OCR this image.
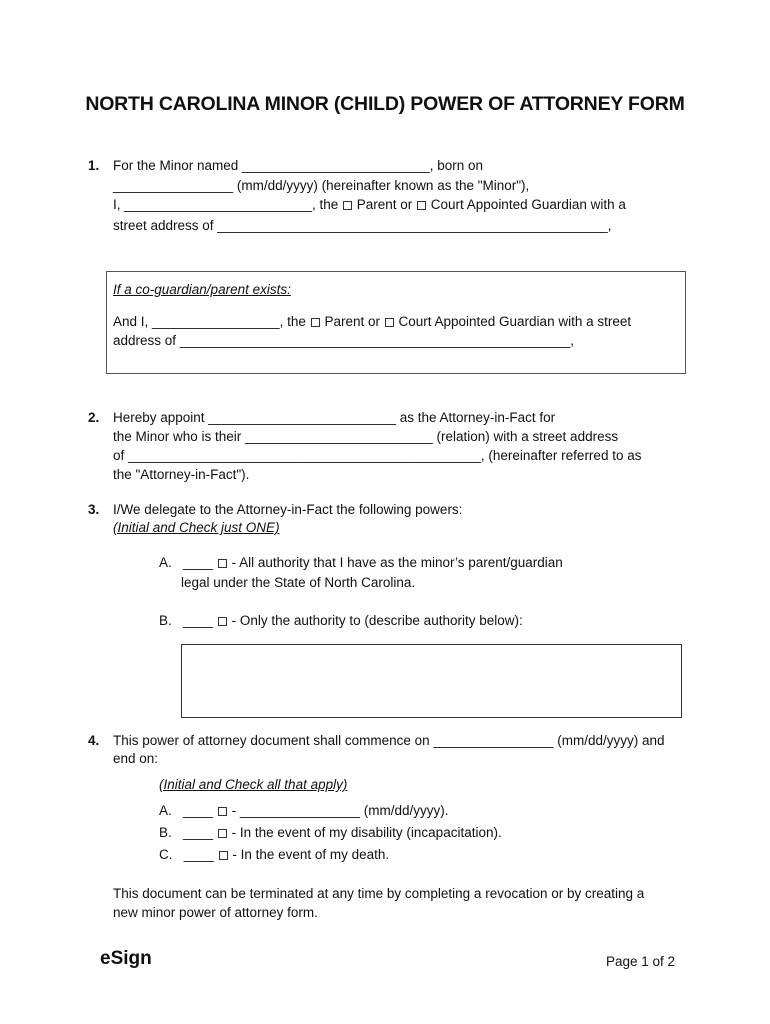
NORTH CAROLINA MINOR (CHILD) POWER OF ATTORNEY FORM
1. For the Minor named _________________________, born on
________________ (mm/dd/yyyy) (hereinafter known as the "Minor"),
I, _________________________, the  Parent or  Court Appointed Guardian with a
street address of ____________________________________________________,
If a co-guardian/parent exists:
And I, _________________, the  Parent or  Court Appointed Guardian with a street
address of ____________________________________________________,
2. Hereby appoint _________________________ as the Attorney-in-Fact for
the Minor who is their _________________________ (relation) with a street address
of _______________________________________________, (hereinafter referred to as
the "Attorney-in-Fact").
3. I/We delegate to the Attorney-in-Fact the following powers:
(Initial and Check just ONE)
A. ____  - All authority that I have as the minor’s parent/guardian
legal under the State of North Carolina.
B. ____  - Only the authority to (describe authority below):
4. This power of attorney document shall commence on ________________ (mm/dd/yyyy) and
end on:
(Initial and Check all that apply)
A. ____  - ________________ (mm/dd/yyyy).
B. ____  - In the event of my disability (incapacitation).
C. ____  - In the event of my death.
This document can be terminated at any time by completing a revocation or by creating a
new minor power of attorney form.
eSign	Page 1 of 2
